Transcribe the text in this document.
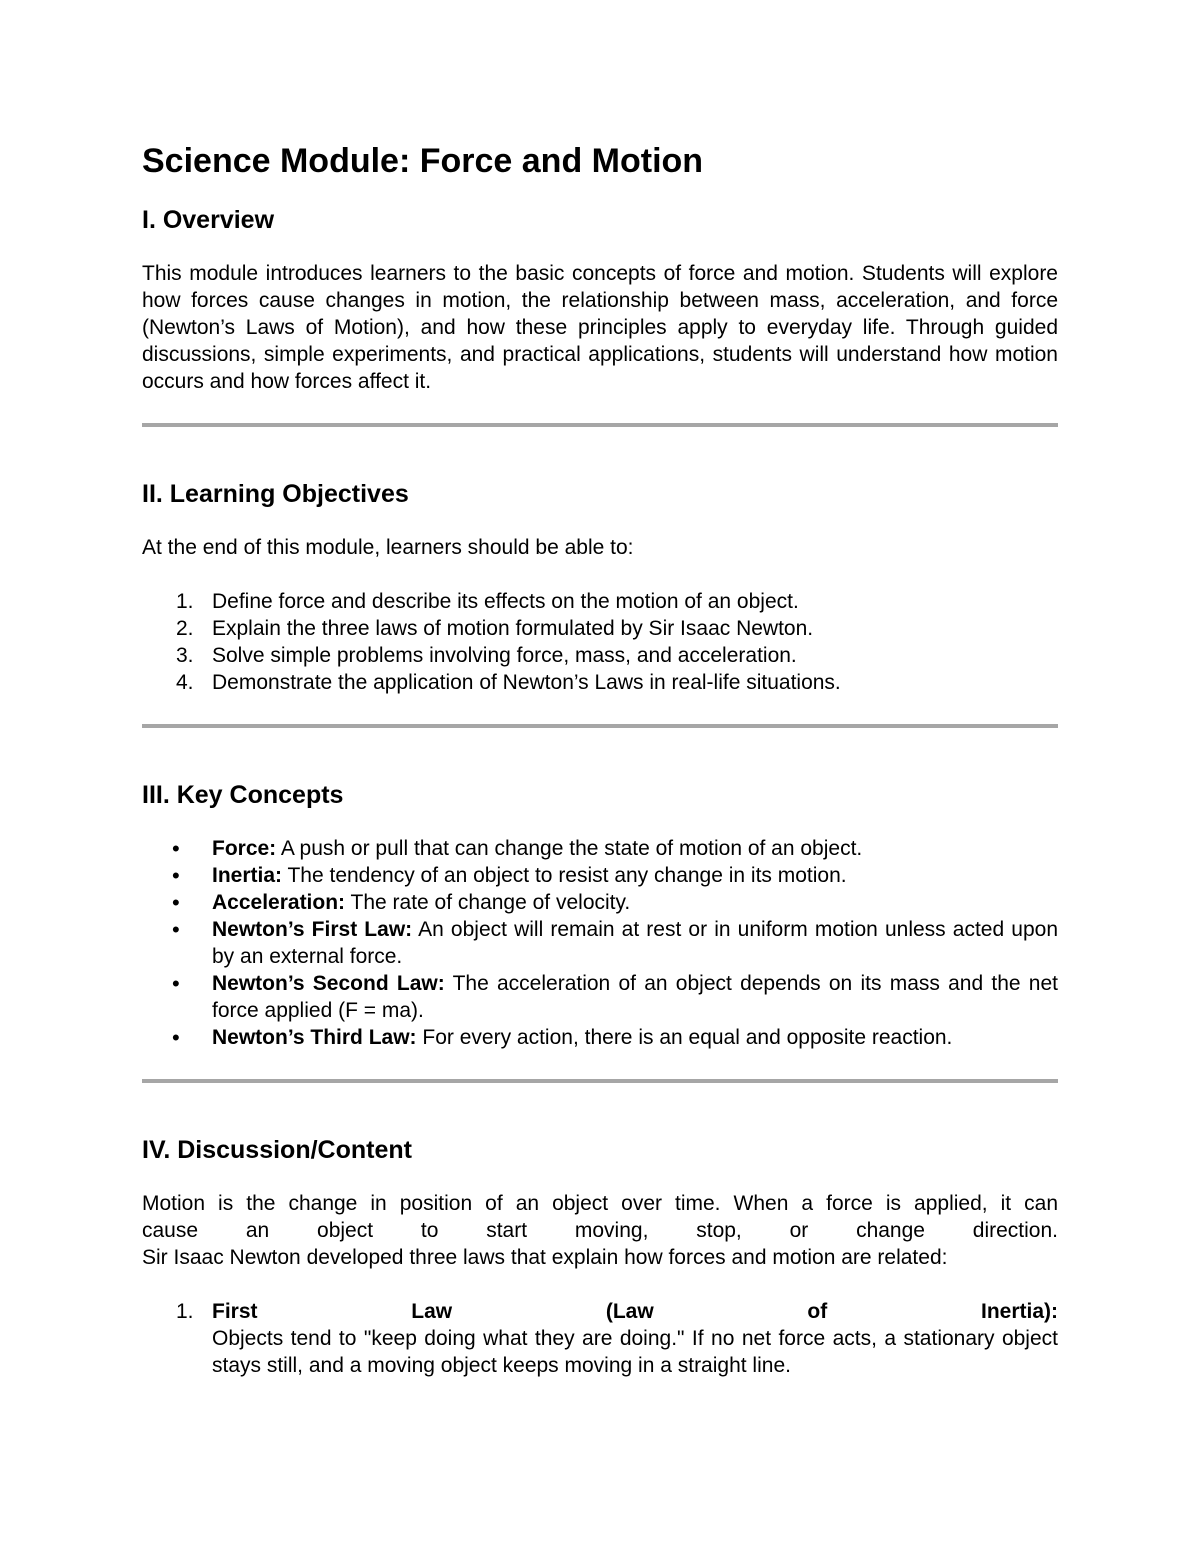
Science Module: Force and Motion
I. Overview

This module introduces learners to the basic concepts of force and motion. Students will explore how forces cause changes in motion, the relationship between mass, acceleration, and force (Newton’s Laws of Motion), and how these principles apply to everyday life. Through guided discussions, simple experiments, and practical applications, students will understand how motion occurs and how forces affect it.

II. Learning Objectives

At the end of this module, learners should be able to:

1. Define force and describe its effects on the motion of an object.
2. Explain the three laws of motion formulated by Sir Isaac Newton.
3. Solve simple problems involving force, mass, and acceleration.
4. Demonstrate the application of Newton’s Laws in real-life situations.
III. Key Concepts
• Force: A push or pull that can change the state of motion of an object.
• Inertia: The tendency of an object to resist any change in its motion.
• Acceleration: The rate of change of velocity.
• Newton’s First Law: An object will remain at rest or in uniform motion unless acted upon by an external force.
• Newton’s Second Law: The acceleration of an object depends on its mass and the net force applied (F = ma).
• Newton’s Third Law: For every action, there is an equal and opposite reaction.
IV. Discussion/Content

Motion is the change in position of an object over time. When a force is applied, it can

cause an object to start moving, stop, or change direction.

Sir Isaac Newton developed three laws that explain how forces and motion are related:

1. First Law (Law of Inertia):
Objects tend to "keep doing what they are doing." If no net force acts, a stationary object stays still, and a moving object keeps moving in a straight line.
